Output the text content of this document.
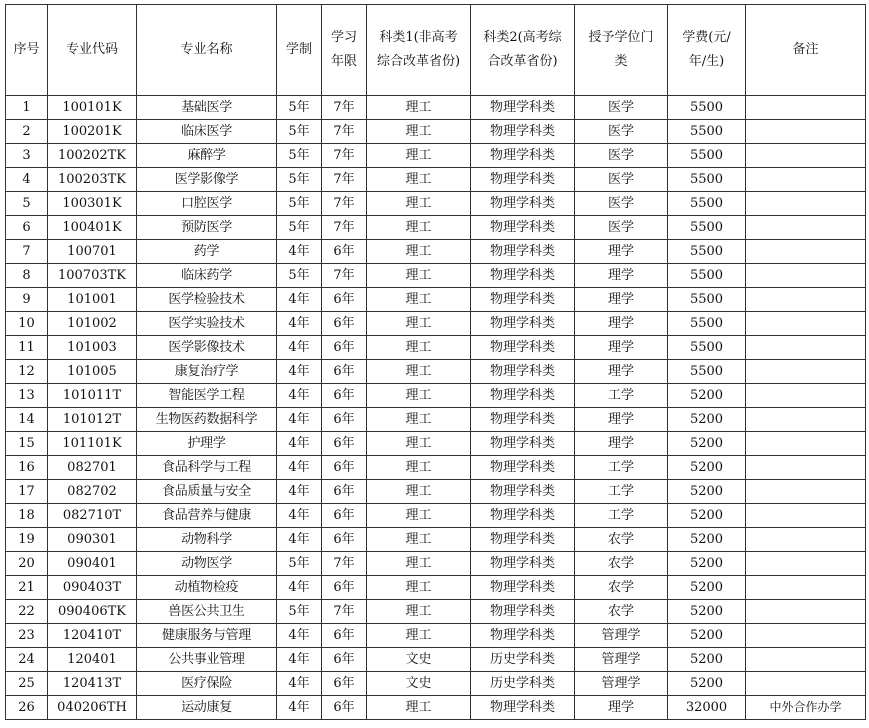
序号	专业代码	专业名称	学制	学习年限	科类1(非高考综合改革省份)	科类2(高考综合改革省份)	授予学位门类	学费(元/年/生)	备注
1	100101K	基础医学	5年	7年	理工	物理学科类	医学	5500	
2	100201K	临床医学	5年	7年	理工	物理学科类	医学	5500	
3	100202TK	麻醉学	5年	7年	理工	物理学科类	医学	5500	
4	100203TK	医学影像学	5年	7年	理工	物理学科类	医学	5500	
5	100301K	口腔医学	5年	7年	理工	物理学科类	医学	5500	
6	100401K	预防医学	5年	7年	理工	物理学科类	医学	5500	
7	100701	药学	4年	6年	理工	物理学科类	理学	5500	
8	100703TK	临床药学	5年	7年	理工	物理学科类	理学	5500	
9	101001	医学检验技术	4年	6年	理工	物理学科类	理学	5500	
10	101002	医学实验技术	4年	6年	理工	物理学科类	理学	5500	
11	101003	医学影像技术	4年	6年	理工	物理学科类	理学	5500	
12	101005	康复治疗学	4年	6年	理工	物理学科类	理学	5500	
13	101011T	智能医学工程	4年	6年	理工	物理学科类	工学	5200	
14	101012T	生物医药数据科学	4年	6年	理工	物理学科类	理学	5200	
15	101101K	护理学	4年	6年	理工	物理学科类	理学	5200	
16	082701	食品科学与工程	4年	6年	理工	物理学科类	工学	5200	
17	082702	食品质量与安全	4年	6年	理工	物理学科类	工学	5200	
18	082710T	食品营养与健康	4年	6年	理工	物理学科类	工学	5200	
19	090301	动物科学	4年	6年	理工	物理学科类	农学	5200	
20	090401	动物医学	5年	7年	理工	物理学科类	农学	5200	
21	090403T	动植物检疫	4年	6年	理工	物理学科类	农学	5200	
22	090406TK	兽医公共卫生	5年	7年	理工	物理学科类	农学	5200	
23	120410T	健康服务与管理	4年	6年	理工	物理学科类	管理学	5200	
24	120401	公共事业管理	4年	6年	文史	历史学科类	管理学	5200	
25	120413T	医疗保险	4年	6年	文史	历史学科类	管理学	5200	
26	040206TH	运动康复	4年	6年	理工	物理学科类	理学	32000	中外合作办学
